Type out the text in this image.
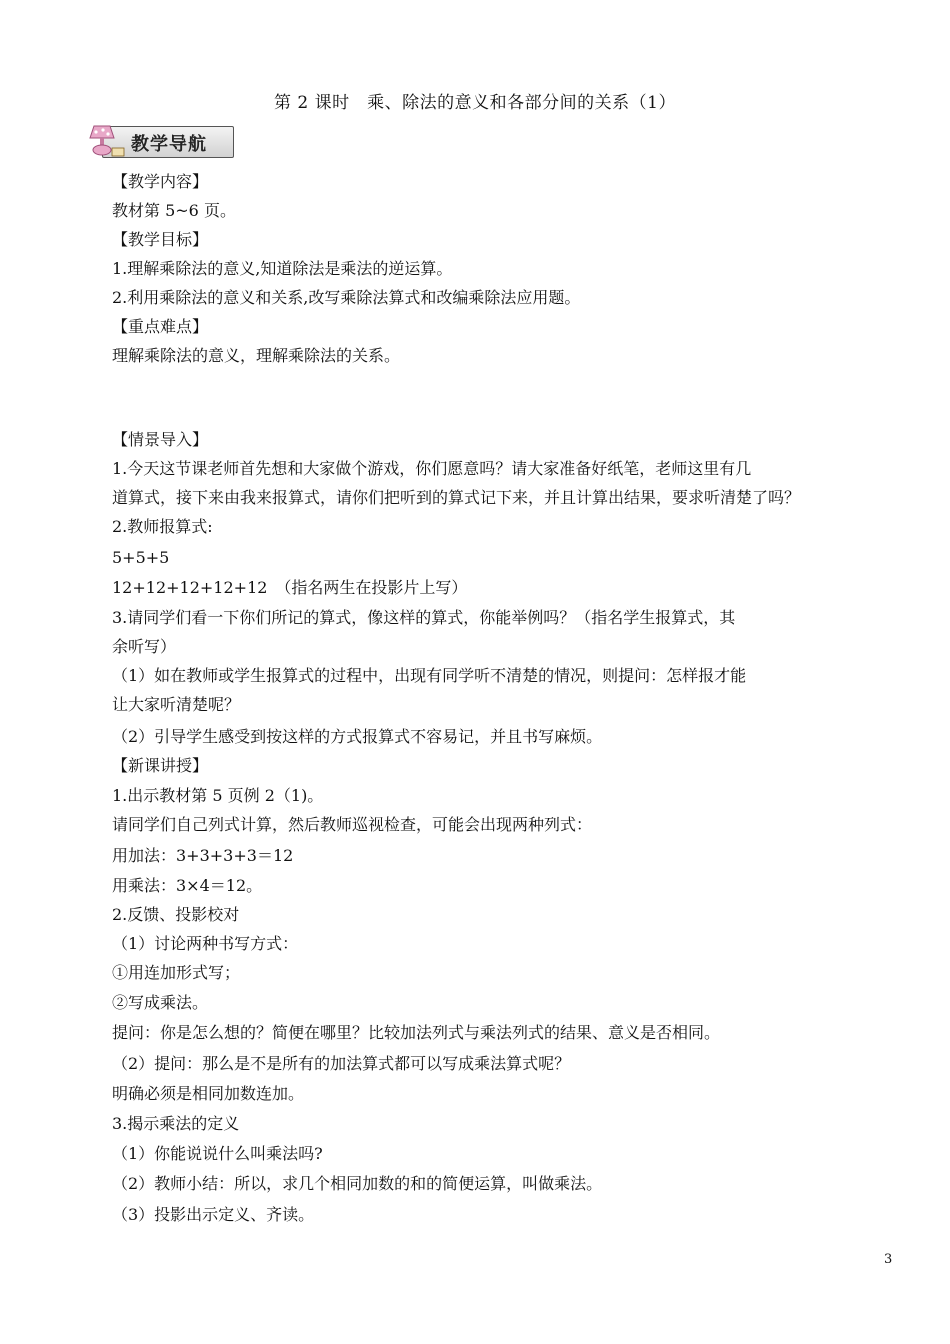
第 2 课时　乘、除法的意义和各部分间的关系（1）
教学导航
【教学内容】
教材第 5~6 页。
【教学目标】
1.理解乘除法的意义,知道除法是乘法的逆运算。
2.利用乘除法的意义和关系,改写乘除法算式和改编乘除法应用题。
【重点难点】
理解乘除法的意义，理解乘除法的关系。
【情景导入】
1.今天这节课老师首先想和大家做个游戏，你们愿意吗？请大家准备好纸笔，老师这里有几
道算式，接下来由我来报算式，请你们把听到的算式记下来，并且计算出结果，要求听清楚了吗？
2.教师报算式:
5+5+5
12+12+12+12+12　（指名两生在投影片上写）
3.请同学们看一下你们所记的算式，像这样的算式，你能举例吗？（指名学生报算式，其
余听写）
（1）如在教师或学生报算式的过程中，出现有同学听不清楚的情况，则提问：怎样报才能
让大家听清楚呢？
（2）引导学生感受到按这样的方式报算式不容易记，并且书写麻烦。
【新课讲授】
1.出示教材第 5 页例 2（1)。
请同学们自己列式计算，然后教师巡视检查，可能会出现两种列式：
用加法：3+3+3+3＝12
用乘法：3×4＝12。
2.反馈、投影校对
（1）讨论两种书写方式：
①用连加形式写；
②写成乘法。
提问：你是怎么想的？简便在哪里？比较加法列式与乘法列式的结果、意义是否相同。
（2）提问：那么是不是所有的加法算式都可以写成乘法算式呢？
明确必须是相同加数连加。
3.揭示乘法的定义
（1）你能说说什么叫乘法吗?
（2）教师小结：所以，求几个相同加数的和的简便运算，叫做乘法。
（3）投影出示定义、齐读。
3
